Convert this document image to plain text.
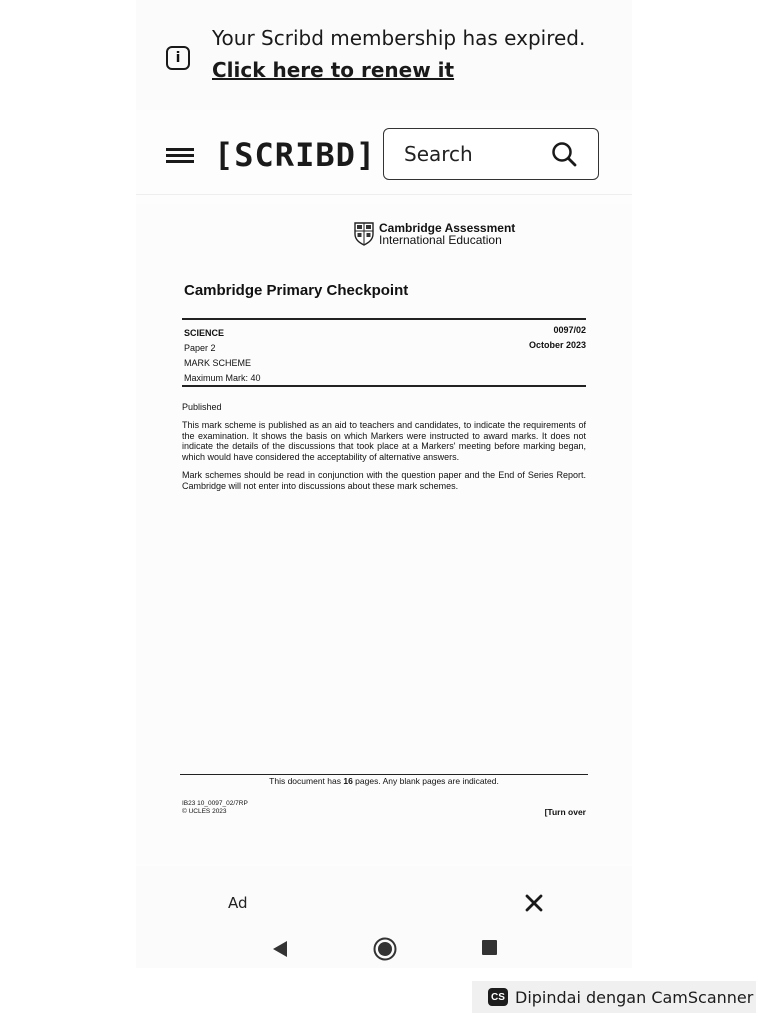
i
Your Scribd membership has expired.
Click here to renew it
[SCRIBD] Search
Cambridge Assessment
International Education
Cambridge Primary Checkpoint
SCIENCE
Paper 2
MARK SCHEME
Maximum Mark: 40
0097/02
October 2023
Published
This mark scheme is published as an aid to teachers and candidates, to indicate the requirements of the examination. It shows the basis on which Markers were instructed to award marks. It does not indicate the details of the discussions that took place at a Markers' meeting before marking began, which would have considered the acceptability of alternative answers.
Mark schemes should be read in conjunction with the question paper and the End of Series Report. Cambridge will not enter into discussions about these mark schemes.
This document has 16 pages. Any blank pages are indicated.
IB23 10_0097_02/7RP
© UCLES 2023	[Turn over
Ad
CS Dipindai dengan CamScanner
